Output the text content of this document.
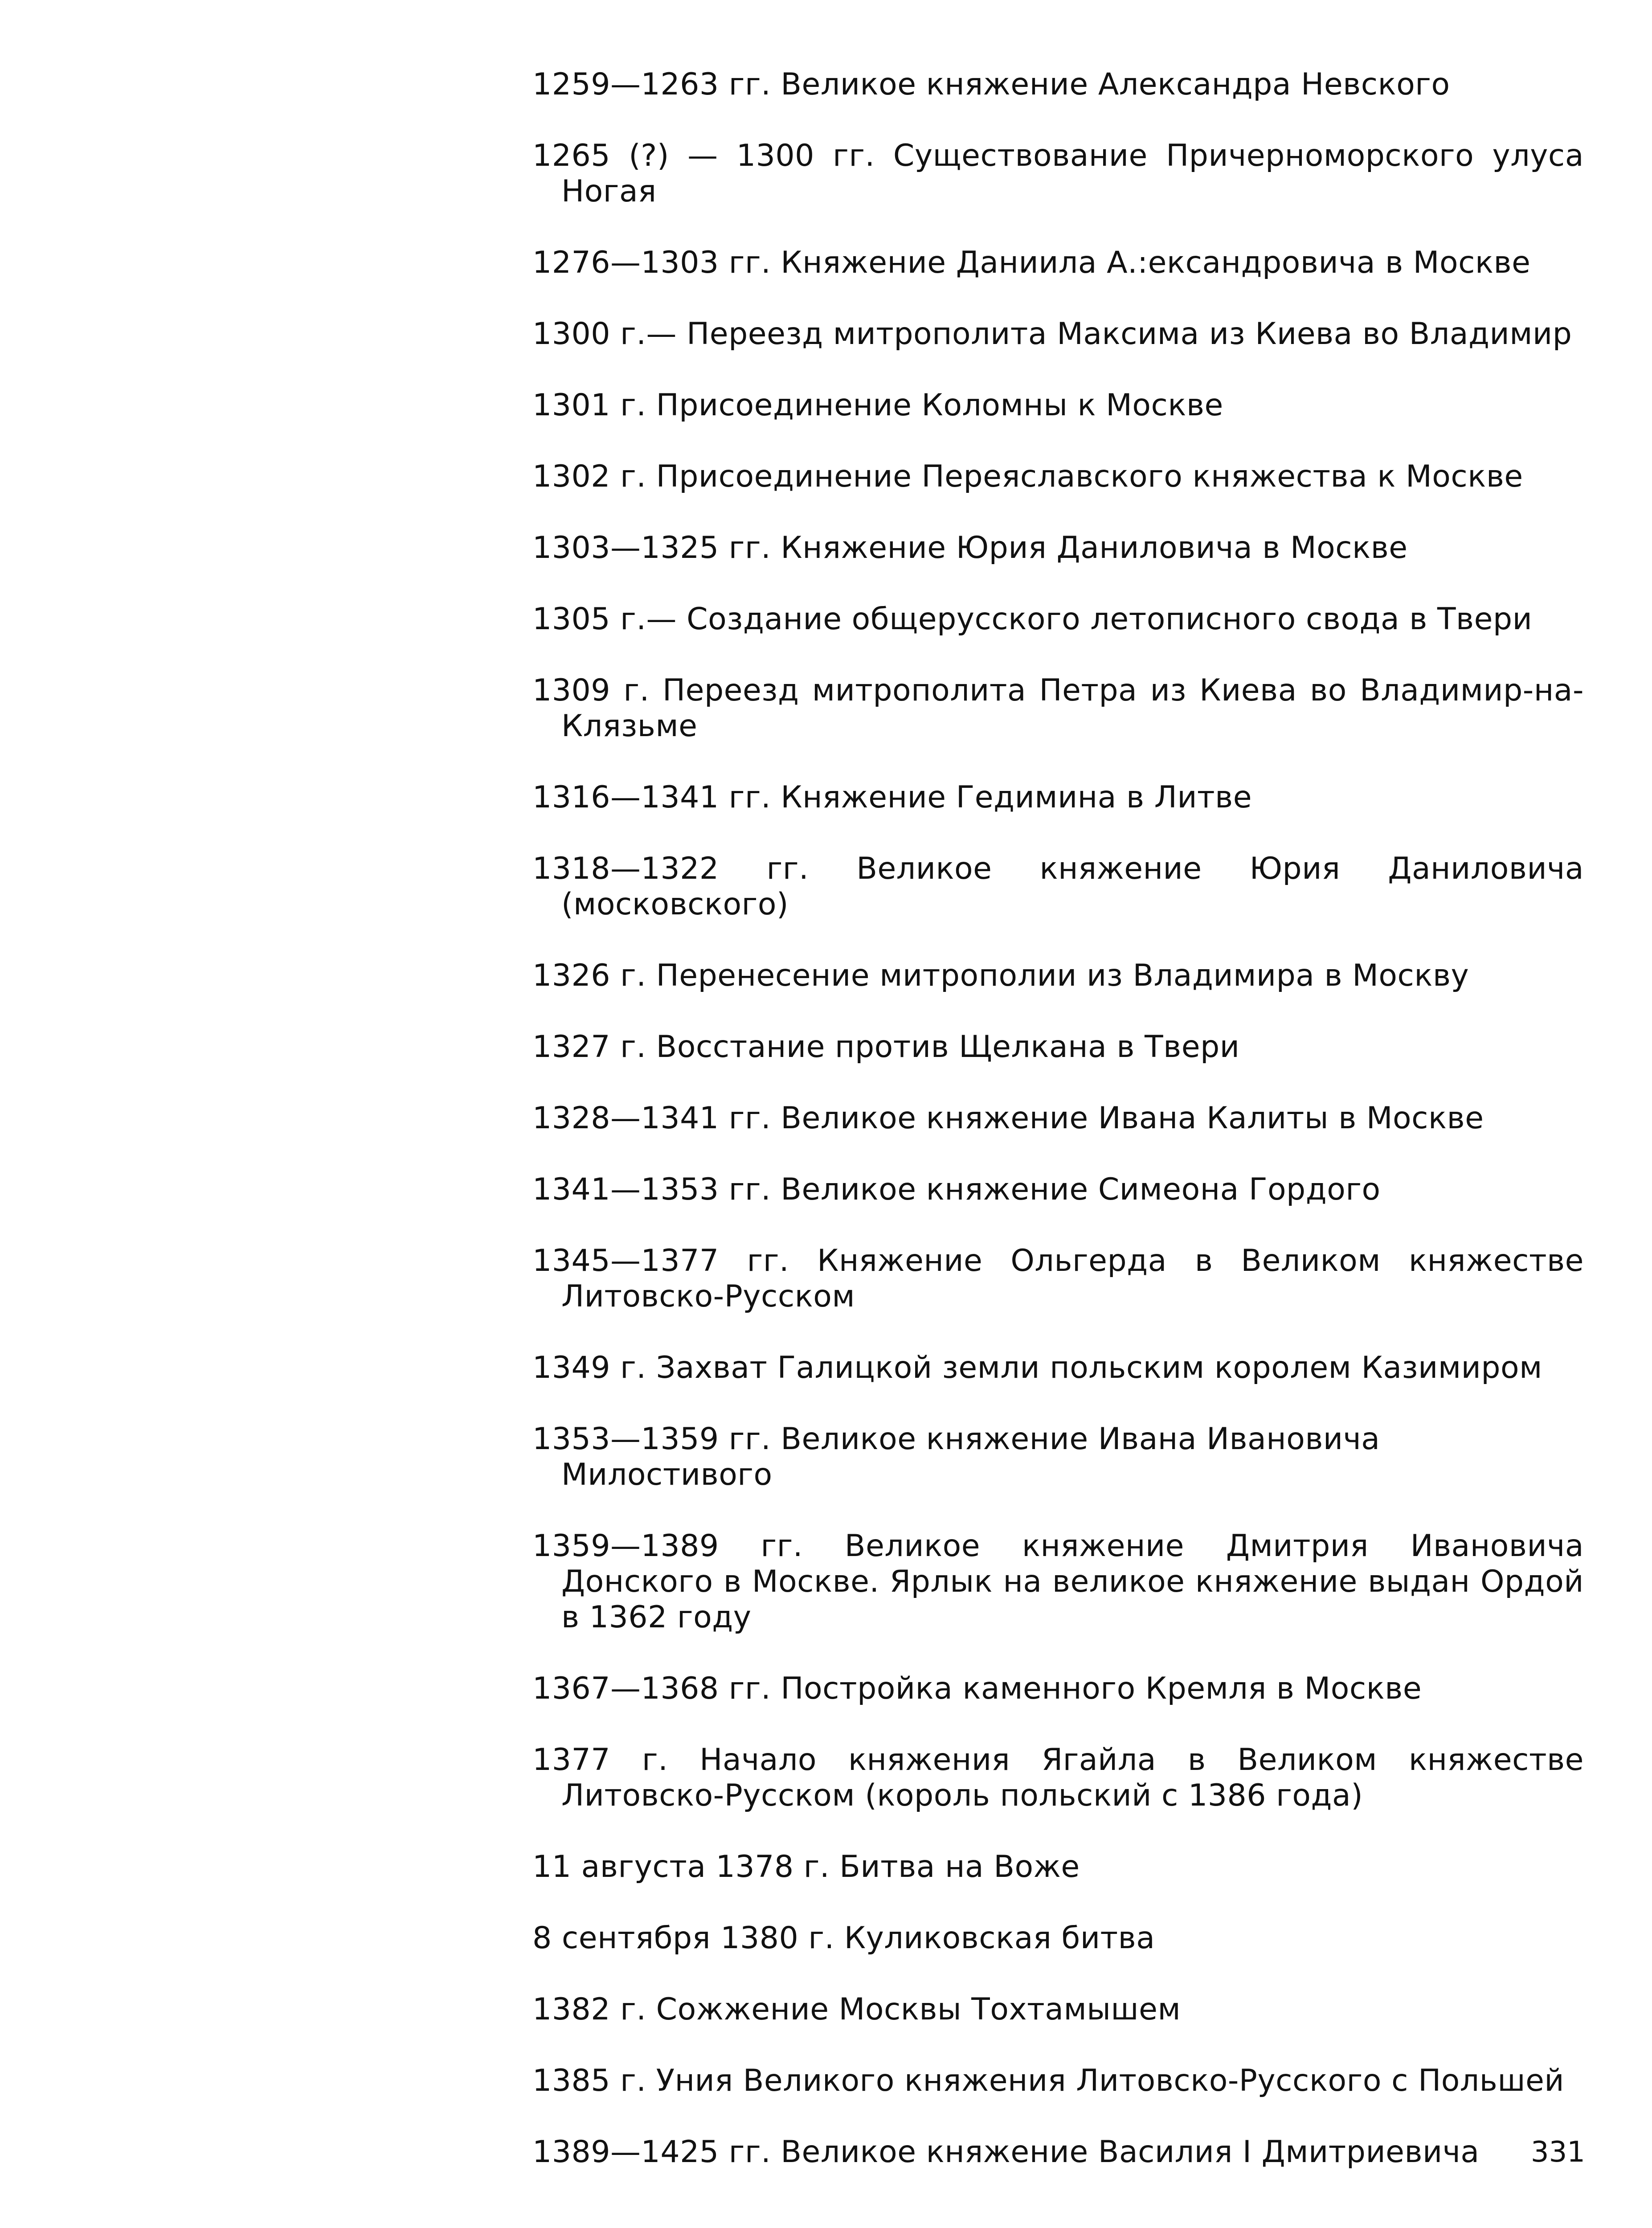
1259—1263 гг. Великое княжение Александра Невского
1265 (?) — 1300 гг. Существование Причерноморского улуса Ногая
1276—1303 гг. Княжение Даниила А.:ександровича в Москве
1300 г.— Переезд митрополита Максима из Киева во Владимир
1301 г. Присоединение Коломны к Москве
1302 г. Присоединение Переяславского княжества к Москве
1303—1325 гг. Княжение Юрия Даниловича в Москве
1305 г.— Создание общерусского летописного свода в Твери
1309 г. Переезд митрополита Петра из Киева во Владимир-на-Клязьме
1316—1341 гг. Княжение Гедимина в Литве
1318—1322 гг. Великое княжение Юрия Даниловича (московского)
1326 г. Перенесение митрополии из Владимира в Москву
1327 г. Восстание против Щелкана в Твери
1328—1341 гг. Великое княжение Ивана Калиты в Москве
1341—1353 гг. Великое княжение Симеона Гордого
1345—1377 гг. Княжение Ольгерда в Великом княжестве Литовско-Русском
1349 г. Захват Галицкой земли польским королем Казимиром
1353—1359 гг. Великое княжение Ивана Ивановича Милостивого
1359—1389 гг. Великое княжение Дмитрия Ивановича Донского в Москве. Ярлык на великое княжение выдан Ордой в 1362 году
1367—1368 гг. Постройка каменного Кремля в Москве
1377 г. Начало княжения Ягайла в Великом княжестве Литовско-Русском (король польский с 1386 года)
11 августа 1378 г. Битва на Воже
8 сентября 1380 г. Куликовская битва
1382 г. Сожжение Москвы Тохтамышем
1385 г. Уния Великого княжения Литовско-Русского с Польшей
1389—1425 гг. Великое княжение Василия I Дмитриевича	331
